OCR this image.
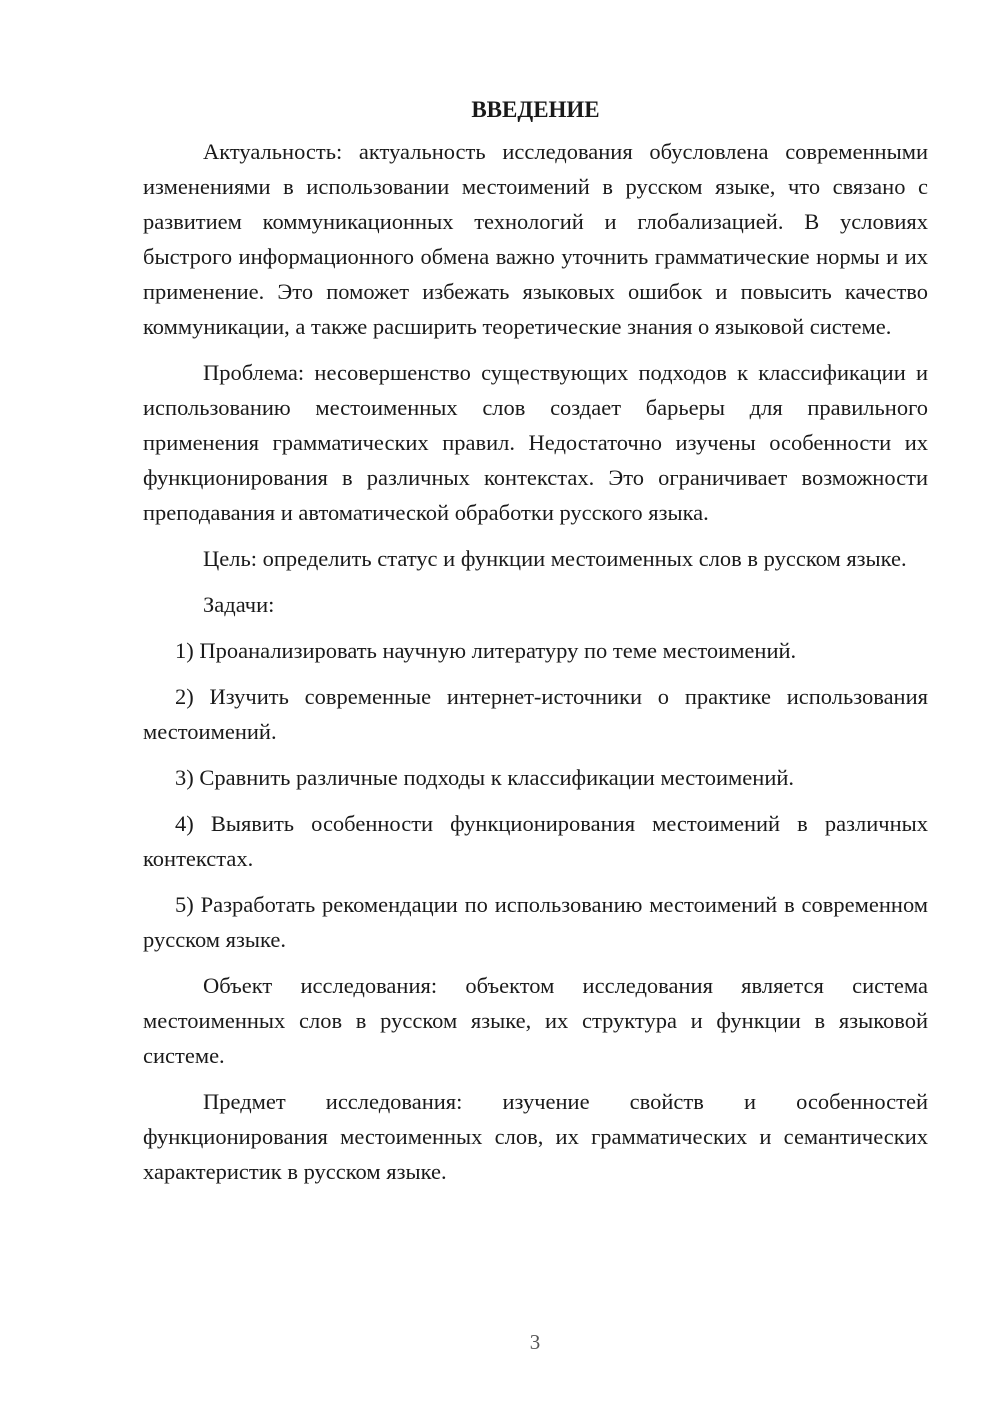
ВВЕДЕНИЕ

Актуальность: актуальность исследования обусловлена современными изменениями в использовании местоимений в русском языке, что связано с развитием коммуникационных технологий и глобализацией. В условиях быстрого информационного обмена важно уточнить грамматические нормы и их применение. Это поможет избежать языковых ошибок и повысить качество коммуникации, а также расширить теоретические знания о языковой системе.

Проблема: несовершенство существующих подходов к классификации и использованию местоименных слов создает барьеры для правильного применения грамматических правил. Недостаточно изучены особенности их функционирования в различных контекстах. Это ограничивает возможности преподавания и автоматической обработки русского языка.

Цель: определить статус и функции местоименных слов в русском языке.

Задачи:

1) Проанализировать научную литературу по теме местоимений.

2) Изучить современные интернет-источники о практике использования местоимений.

3) Сравнить различные подходы к классификации местоимений.

4) Выявить особенности функционирования местоимений в различных контекстах.

5) Разработать рекомендации по использованию местоимений в современном русском языке.

Объект исследования: объектом исследования является система местоименных слов в русском языке, их структура и функции в языковой системе.

Предмет исследования: изучение свойств и особенностей функционирования местоименных слов, их грамматических и семантических характеристик в русском языке.

3
